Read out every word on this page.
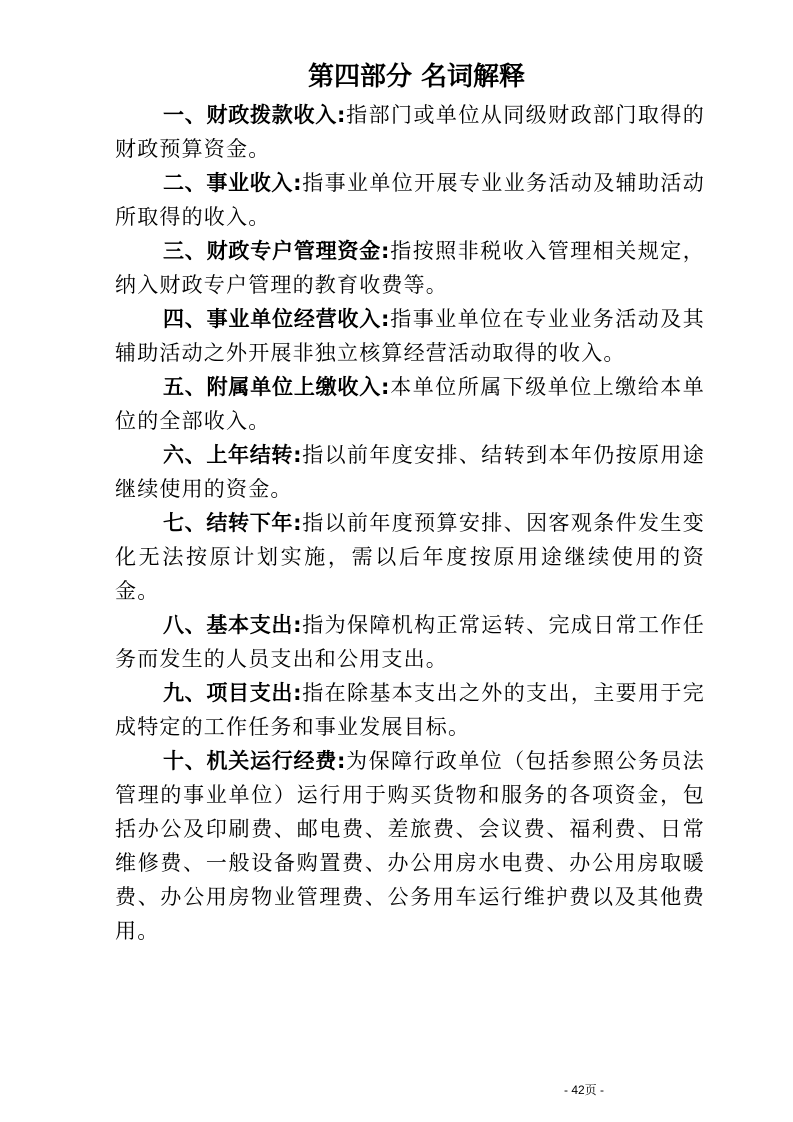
第四部分 名词解释

一、财政拨款收入:指部门或单位从同级财政部门取得的财政预算资金。

二、事业收入:指事业单位开展专业业务活动及辅助活动所取得的收入。

三、财政专户管理资金:指按照非税收入管理相关规定，纳入财政专户管理的教育收费等。

四、事业单位经营收入:指事业单位在专业业务活动及其辅助活动之外开展非独立核算经营活动取得的收入。

五、附属单位上缴收入:本单位所属下级单位上缴给本单位的全部收入。

六、上年结转:指以前年度安排、结转到本年仍按原用途继续使用的资金。

七、结转下年:指以前年度预算安排、因客观条件发生变化无法按原计划实施，需以后年度按原用途继续使用的资金。

八、基本支出:指为保障机构正常运转、完成日常工作任务而发生的人员支出和公用支出。

九、项目支出:指在除基本支出之外的支出，主要用于完成特定的工作任务和事业发展目标。

十、机关运行经费:为保障行政单位（包括参照公务员法管理的事业单位）运行用于购买货物和服务的各项资金，包括办公及印刷费、邮电费、差旅费、会议费、福利费、日常维修费、一般设备购置费、办公用房水电费、办公用房取暖费、办公用房物业管理费、公务用车运行维护费以及其他费用。

- 42页 -
